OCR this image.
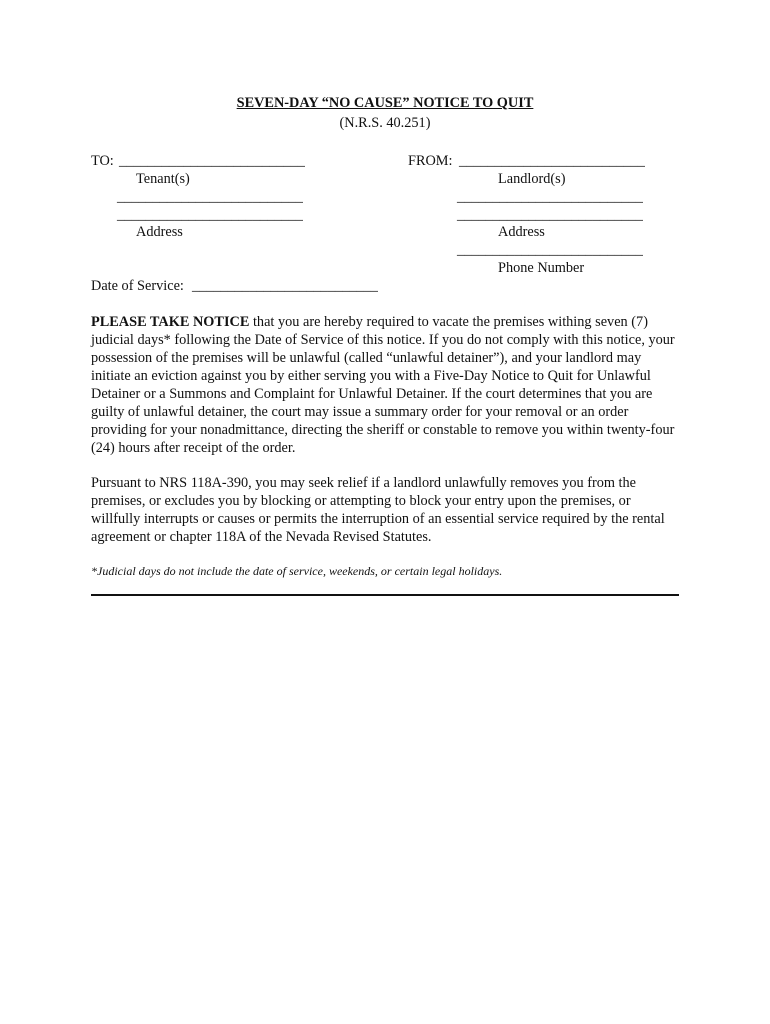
SEVEN-DAY “NO CAUSE” NOTICE TO QUIT
(N.R.S. 40.251)
TO: __________________________
Tenant(s)
__________________________
__________________________
Address
FROM: __________________________
Landlord(s)
__________________________
__________________________
Address
__________________________
Phone Number
Date of Service: __________________________
PLEASE TAKE NOTICE that you are hereby required to vacate the premises withing seven (7) judicial days* following the Date of Service of this notice. If you do not comply with this notice, your possession of the premises will be unlawful (called “unlawful detainer”), and your landlord may initiate an eviction against you by either serving you with a Five-Day Notice to Quit for Unlawful Detainer or a Summons and Complaint for Unlawful Detainer. If the court determines that you are guilty of unlawful detainer, the court may issue a summary order for your removal or an order providing for your nonadmittance, directing the sheriff or constable to remove you within twenty-four (24) hours after receipt of the order.
Pursuant to NRS 118A-390, you may seek relief if a landlord unlawfully removes you from the premises, or excludes you by blocking or attempting to block your entry upon the premises, or willfully interrupts or causes or permits the interruption of an essential service required by the rental agreement or chapter 118A of the Nevada Revised Statutes.
*Judicial days do not include the date of service, weekends, or certain legal holidays.
